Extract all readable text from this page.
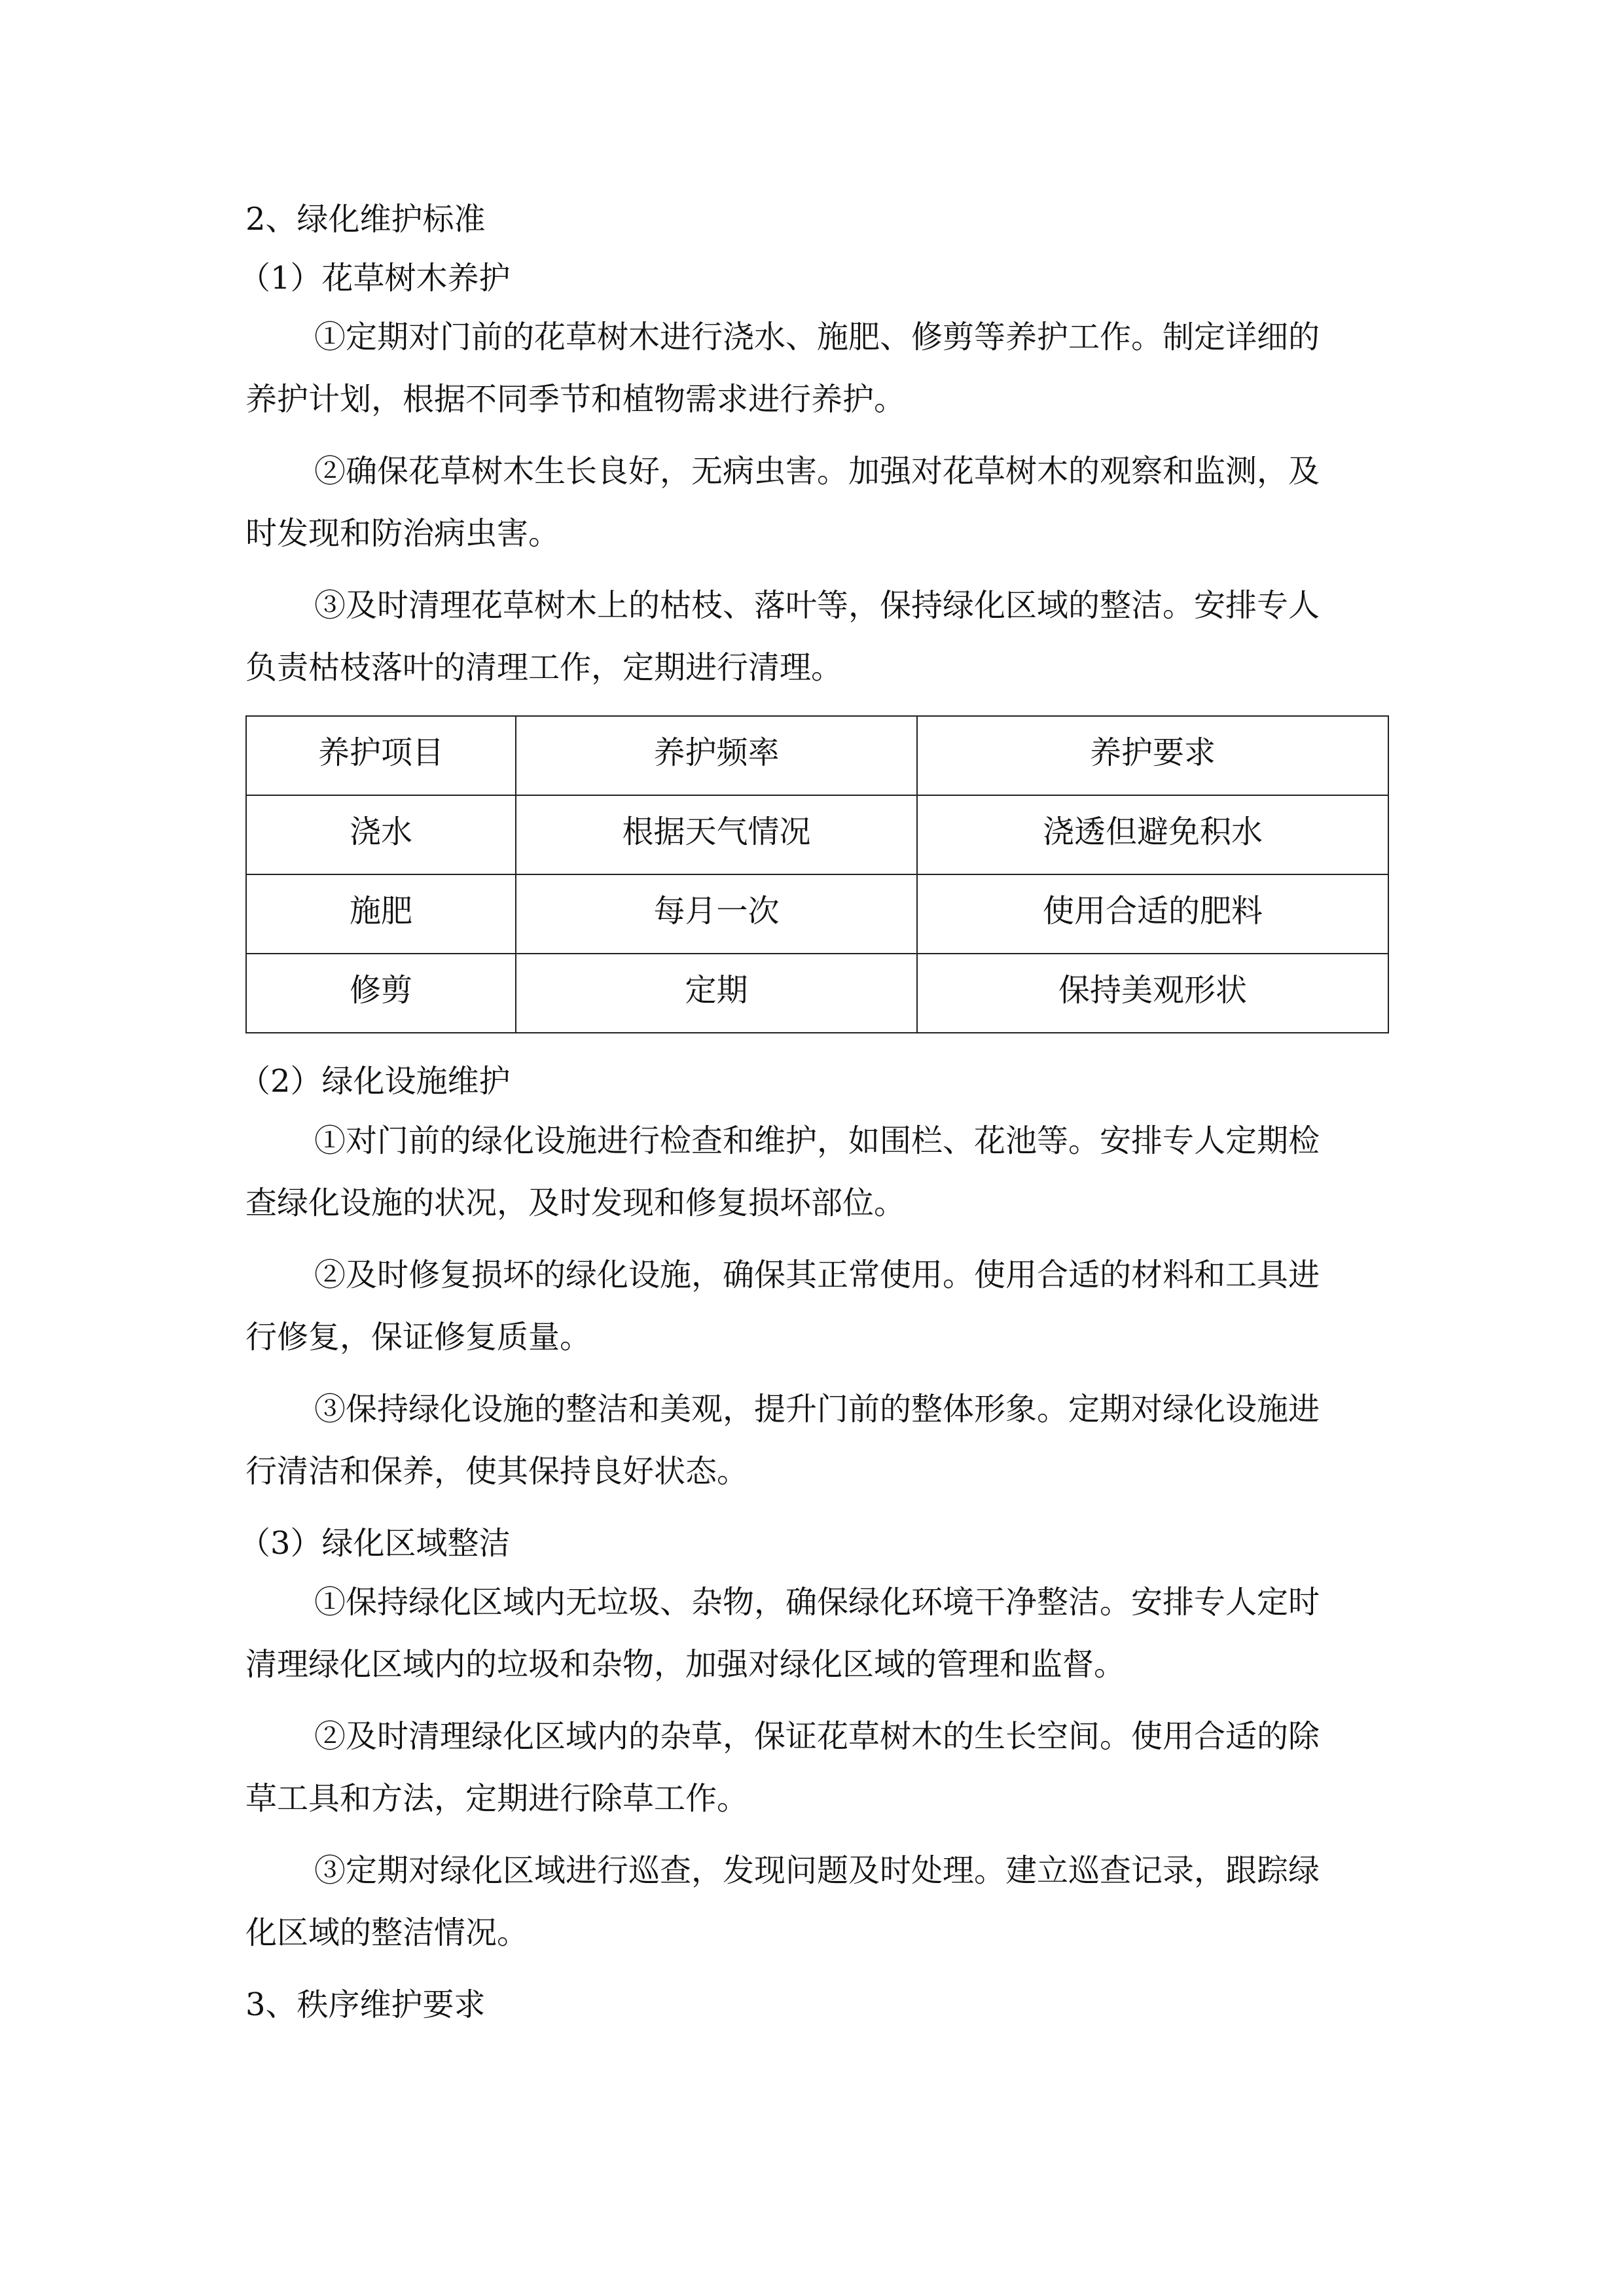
2、绿化维护标准
（1）花草树木养护
①定期对门前的花草树木进行浇水、施肥、修剪等养护工作。制定详细的
养护计划，根据不同季节和植物需求进行养护。
②确保花草树木生长良好，无病虫害。加强对花草树木的观察和监测，及
时发现和防治病虫害。
③及时清理花草树木上的枯枝、落叶等，保持绿化区域的整洁。安排专人
负责枯枝落叶的清理工作，定期进行清理。
养护项目	养护频率	养护要求
浇水	根据天气情况	浇透但避免积水
施肥	每月一次	使用合适的肥料
修剪	定期	保持美观形状
（2）绿化设施维护
①对门前的绿化设施进行检查和维护，如围栏、花池等。安排专人定期检
查绿化设施的状况，及时发现和修复损坏部位。
②及时修复损坏的绿化设施，确保其正常使用。使用合适的材料和工具进
行修复，保证修复质量。
③保持绿化设施的整洁和美观，提升门前的整体形象。定期对绿化设施进
行清洁和保养，使其保持良好状态。
（3）绿化区域整洁
①保持绿化区域内无垃圾、杂物，确保绿化环境干净整洁。安排专人定时
清理绿化区域内的垃圾和杂物，加强对绿化区域的管理和监督。
②及时清理绿化区域内的杂草，保证花草树木的生长空间。使用合适的除
草工具和方法，定期进行除草工作。
③定期对绿化区域进行巡查，发现问题及时处理。建立巡查记录，跟踪绿
化区域的整洁情况。
3、秩序维护要求
